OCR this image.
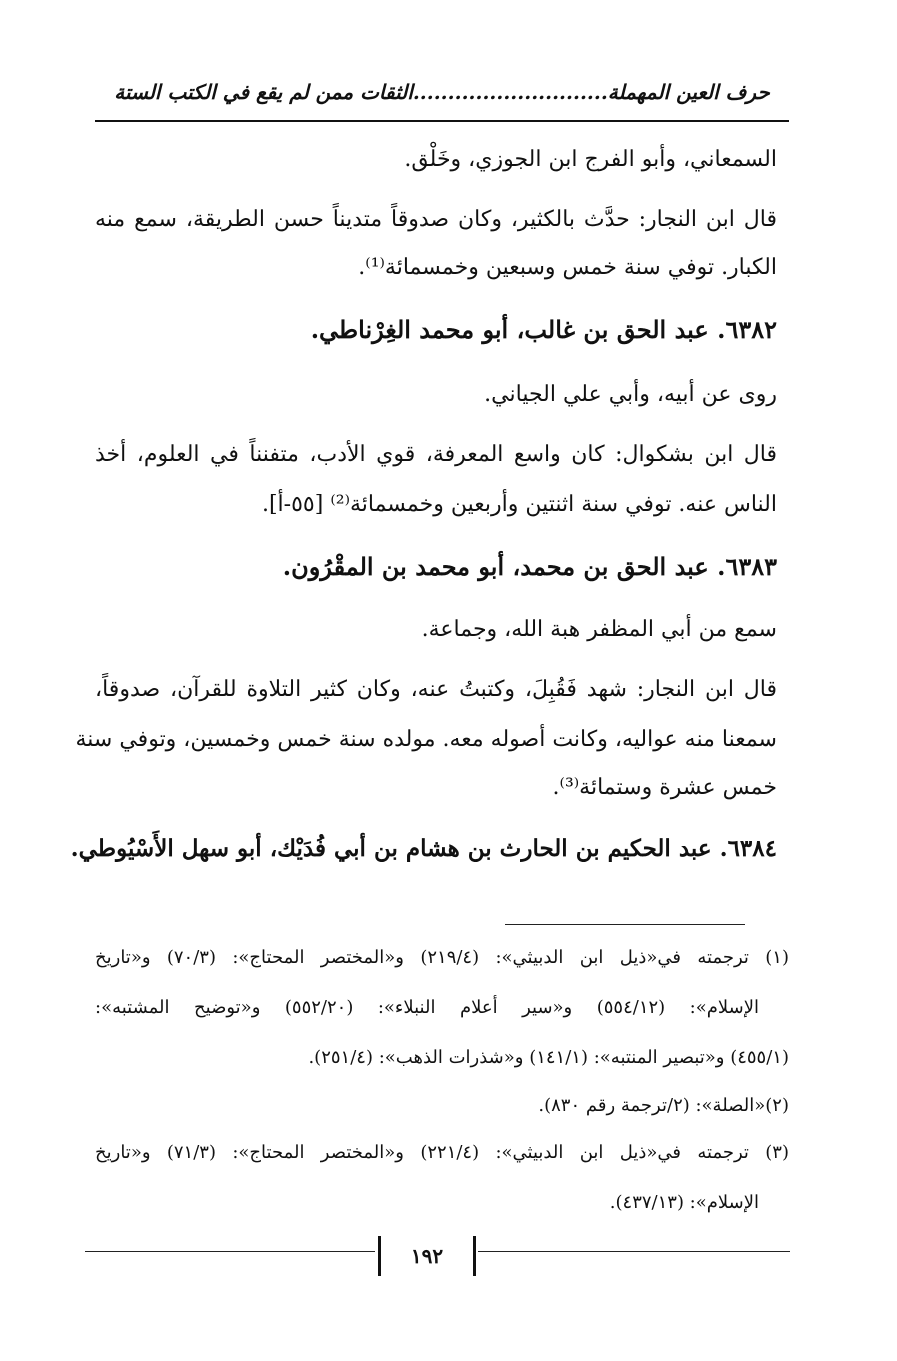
حرف العين المهملة............................الثقات ممن لم يقع في الكتب الستة
السمعاني، وأبو الفرج ابن الجوزي، وخَلْق.
قال ابن النجار: حدَّث بالكثير، وكان صدوقاً متديناً حسن الطريقة، سمع منه
الكبار. توفي سنة خمس وسبعين وخمسمائة⁽¹⁾.
٦٣٨٢. عبد الحق بن غالب، أبو محمد الغِرْناطي.
روى عن أبيه، وأبي علي الجياني.
قال ابن بشكوال: كان واسع المعرفة، قوي الأدب، متفنناً في العلوم، أخذ
الناس عنه. توفي سنة اثنتين وأربعين وخمسمائة⁽²⁾ [٥٥-أ].
٦٣٨٣. عبد الحق بن محمد، أبو محمد بن المقْرُون.
سمع من أبي المظفر هبة الله، وجماعة.
قال ابن النجار: شهد فَقُبِلَ، وكتبتُ عنه، وكان كثير التلاوة للقرآن، صدوقاً،
سمعنا منه عواليه، وكانت أصوله معه. مولده سنة خمس وخمسين، وتوفي سنة
خمس عشرة وستمائة⁽³⁾.
٦٣٨٤. عبد الحكيم بن الحارث بن هشام بن أبي فُدَيْك، أبو سهل الأَسْيُوطي.
(١) ترجمته في«ذيل ابن الدبيثي»: (٢١٩/٤) و«المختصر المحتاج»: (٧٠/٣) و«تاريخ
الإسلام»: (٥٥٤/١٢) و«سير أعلام النبلاء»: (٥٥٢/٢٠) و«توضيح المشتبه»:
(٤٥٥/١) و«تبصير المنتبه»: (١٤١/١) و«شذرات الذهب»: (٢٥١/٤).
(٢)«الصلة»: (٢/ترجمة رقم ٨٣٠).
(٣) ترجمته في«ذيل ابن الدبيثي»: (٢٢١/٤) و«المختصر المحتاج»: (٧١/٣) و«تاريخ
الإسلام»: (٤٣٧/١٣).
١٩٢
